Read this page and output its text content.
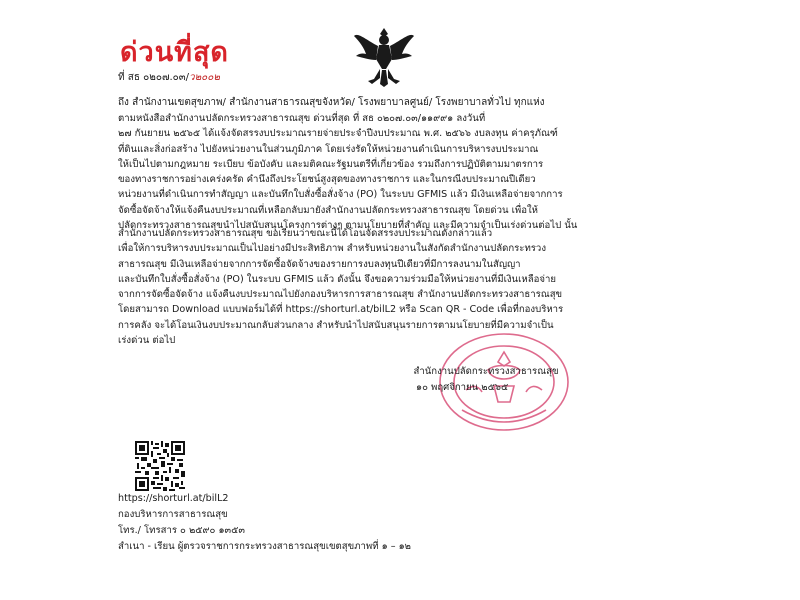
ด่วนที่สุด
ที่ สธ ๐๒๐๗.๐๓/ว๒๐๐๒
ถึง สำนักงานเขตสุขภาพ/ สำนักงานสาธารณสุขจังหวัด/ โรงพยาบาลศูนย์/ โรงพยาบาลทั่วไป ทุกแห่ง

ตามหนังสือสำนักงานปลัดกระทรวงสาธารณสุข ด่วนที่สุด ที่ สธ ๐๒๐๗.๐๓/๑๑๙๙๑ ลงวันที่

๒๗ กันยายน ๒๕๖๕ ได้แจ้งจัดสรรงบประมาณรายจ่ายประจำปีงบประมาณ พ.ศ. ๒๕๖๖ งบลงทุน ค่าครุภัณฑ์

ที่ดินและสิ่งก่อสร้าง ไปยังหน่วยงานในส่วนภูมิภาค โดยเร่งรัดให้หน่วยงานดำเนินการบริหารงบประมาณ

ให้เป็นไปตามกฎหมาย ระเบียบ ข้อบังคับ และมติคณะรัฐมนตรีที่เกี่ยวข้อง รวมถึงการปฏิบัติตามมาตรการ

ของทางราชการอย่างเคร่งครัด คำนึงถึงประโยชน์สูงสุดของทางราชการ และในกรณีงบประมาณปีเดียว

หน่วยงานที่ดำเนินการทำสัญญา และบันทึกใบสั่งซื้อสั่งจ้าง (PO) ในระบบ GFMIS แล้ว มีเงินเหลือจ่ายจากการ

จัดซื้อจัดจ้างให้แจ้งคืนงบประมาณที่เหลือกลับมายังสำนักงานปลัดกระทรวงสาธารณสุข โดยด่วน เพื่อให้

ปลัดกระทรวงสาธารณสุขนำไปสนับสนุนโครงการต่างๆ ตามนโยบายที่สำคัญ และมีความจำเป็นเร่งด่วนต่อไป นั้น

สำนักงานปลัดกระทรวงสาธารณสุข ขอเรียนว่าขณะนี้ได้โอนจัดสรรงบประมาณดังกล่าวแล้ว

เพื่อให้การบริหารงบประมาณเป็นไปอย่างมีประสิทธิภาพ สำหรับหน่วยงานในสังกัดสำนักงานปลัดกระทรวง

สาธารณสุข มีเงินเหลือจ่ายจากการจัดซื้อจัดจ้างของรายการงบลงทุนปีเดียวที่มีการลงนามในสัญญา

และบันทึกใบสั่งซื้อสั่งจ้าง (PO) ในระบบ GFMIS แล้ว ดังนั้น จึงขอความร่วมมือให้หน่วยงานที่มีเงินเหลือจ่าย

จากการจัดซื้อจัดจ้าง แจ้งคืนงบประมาณไปยังกองบริหารการสาธารณสุข สำนักงานปลัดกระทรวงสาธารณสุข

โดยสามารถ Download แบบฟอร์มได้ที่ https://shorturl.at/bilL2 หรือ Scan QR - Code เพื่อที่กองบริหาร

การคลัง จะได้โอนเงินงบประมาณกลับส่วนกลาง สำหรับนำไปสนับสนุนรายการตามนโยบายที่มีความจำเป็น

เร่งด่วน ต่อไป

สำนักงานปลัดกระทรวงสาธารณสุข
๑๐ พฤศจิกายน ๒๕๖๕

https://shorturl.at/bilL2

กองบริหารการสาธารณสุข

โทร./ โทรสาร ๐ ๒๕๙๐ ๑๓๕๓

สำเนา - เรียน ผู้ตรวจราชการกระทรวงสาธารณสุขเขตสุขภาพที่ ๑ – ๑๒
